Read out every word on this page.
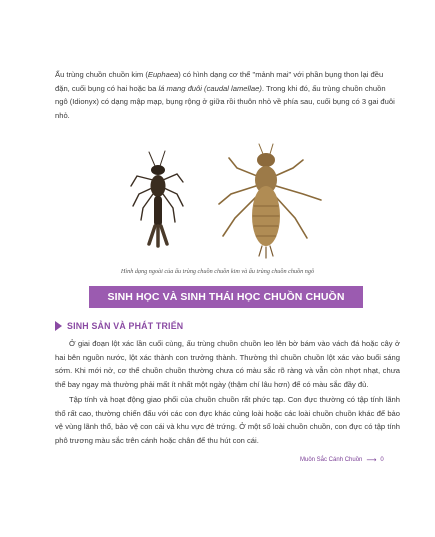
Ấu trùng chuồn chuồn kim (Euphaea) có hình dạng cơ thể "mảnh mai" với phần bụng thon lại đều đặn, cuối bụng có hai hoặc ba lá mang đuôi (caudal lamellae). Trong khi đó, ấu trùng chuồn chuồn ngô (Idionyx) có dạng mập mạp, bụng rộng ở giữa rồi thuôn nhỏ về phía sau, cuối bụng có 3 gai đuôi nhỏ.
Hình dạng ngoài của ấu trùng chuồn chuồn kim và ấu trùng chuồn chuồn ngô
SINH HỌC VÀ SINH THÁI HỌC CHUỒN CHUỒN
SINH SẢN VÀ PHÁT TRIỂN

Ở giai đoạn lột xác lần cuối cùng, ấu trùng chuồn chuồn leo lên bờ bám vào vách đá hoặc cây ở hai bên nguồn nước, lột xác thành con trưởng thành. Thường thì chuồn chuồn lột xác vào buổi sáng sớm. Khi mới nở, cơ thể chuồn chuồn thường chưa có màu sắc rõ ràng và vẫn còn nhợt nhạt, chưa thể bay ngay mà thường phải mất ít nhất một ngày (thậm chí lâu hơn) để có màu sắc đầy đủ.

Tập tính và hoạt động giao phối của chuồn chuồn rất phức tạp. Con đực thường có tập tính lãnh thổ rất cao, thường chiến đấu với các con đực khác cùng loài hoặc các loài chuồn chuồn khác để bảo vệ vùng lãnh thổ, bảo vệ con cái và khu vực đẻ trứng. Ở một số loài chuồn chuồn, con đực có tập tính phô trương màu sắc trên cánh hoặc chân để thu hút con cái.

Muôn Sắc Cánh Chuồn ⟶ 0
